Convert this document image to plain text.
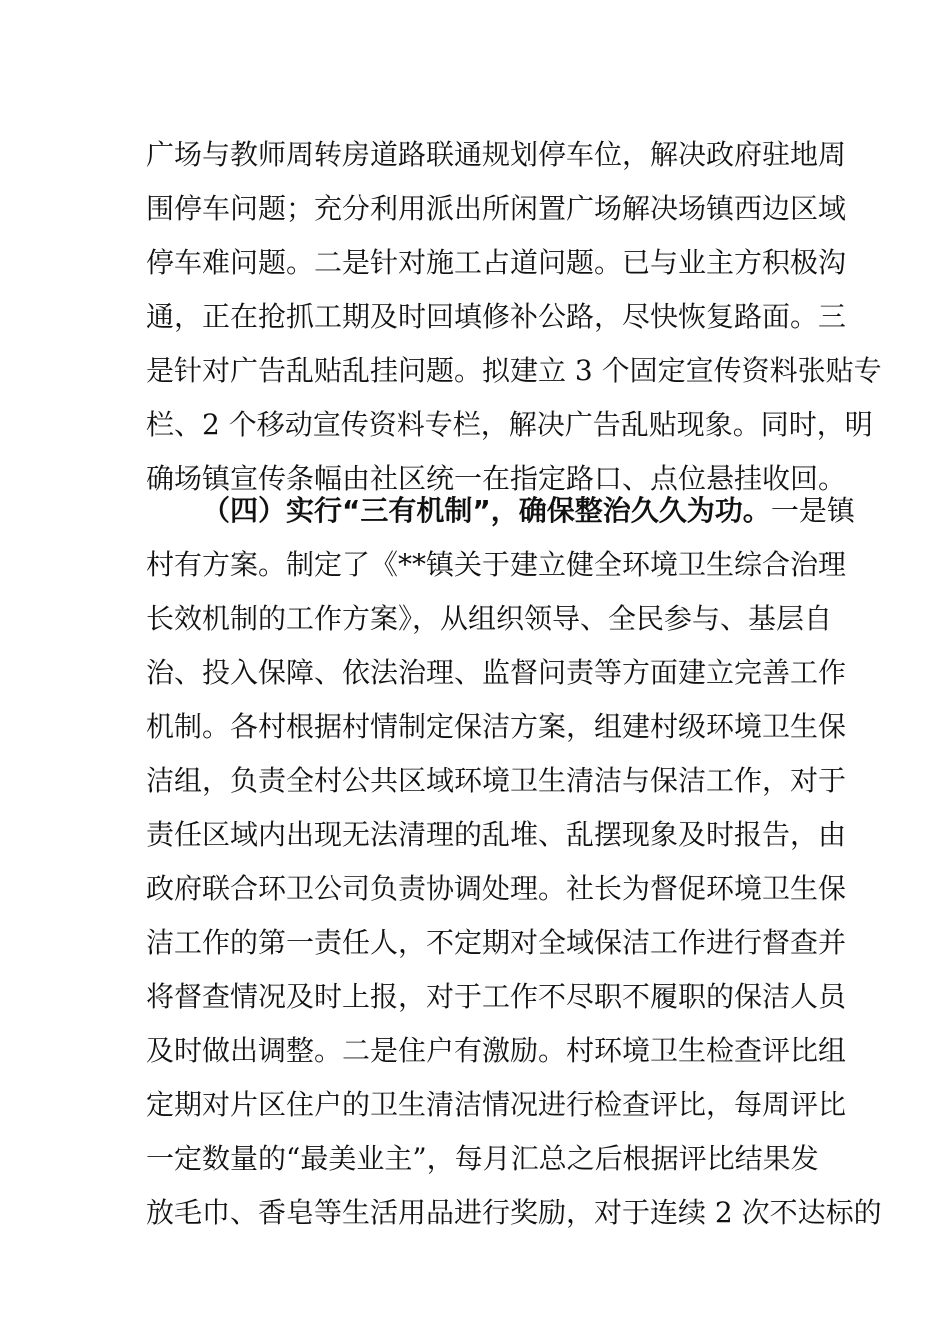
广场与教师周转房道路联通规划停车位，解决政府驻地周
围停车问题；充分利用派出所闲置广场解决场镇西边区域
停车难问题。二是针对施工占道问题。已与业主方积极沟
通，正在抢抓工期及时回填修补公路，尽快恢复路面。三
是针对广告乱贴乱挂问题。拟建立 3 个固定宣传资料张贴专
栏、2 个移动宣传资料专栏，解决广告乱贴现象。同时，明
确场镇宣传条幅由社区统一在指定路口、点位悬挂收回。
（四）实行“三有机制”，确保整治久久为功。一是镇
村有方案。制定了《**镇关于建立健全环境卫生综合治理
长效机制的工作方案》，从组织领导、全民参与、基层自
治、投入保障、依法治理、监督问责等方面建立完善工作
机制。各村根据村情制定保洁方案，组建村级环境卫生保
洁组，负责全村公共区域环境卫生清洁与保洁工作，对于
责任区域内出现无法清理的乱堆、乱摆现象及时报告，由
政府联合环卫公司负责协调处理。社长为督促环境卫生保
洁工作的第一责任人，不定期对全域保洁工作进行督查并
将督查情况及时上报，对于工作不尽职不履职的保洁人员
及时做出调整。二是住户有激励。村环境卫生检查评比组
定期对片区住户的卫生清洁情况进行检查评比，每周评比
一定数量的“最美业主”，每月汇总之后根据评比结果发
放毛巾、香皂等生活用品进行奖励，对于连续 2 次不达标的
